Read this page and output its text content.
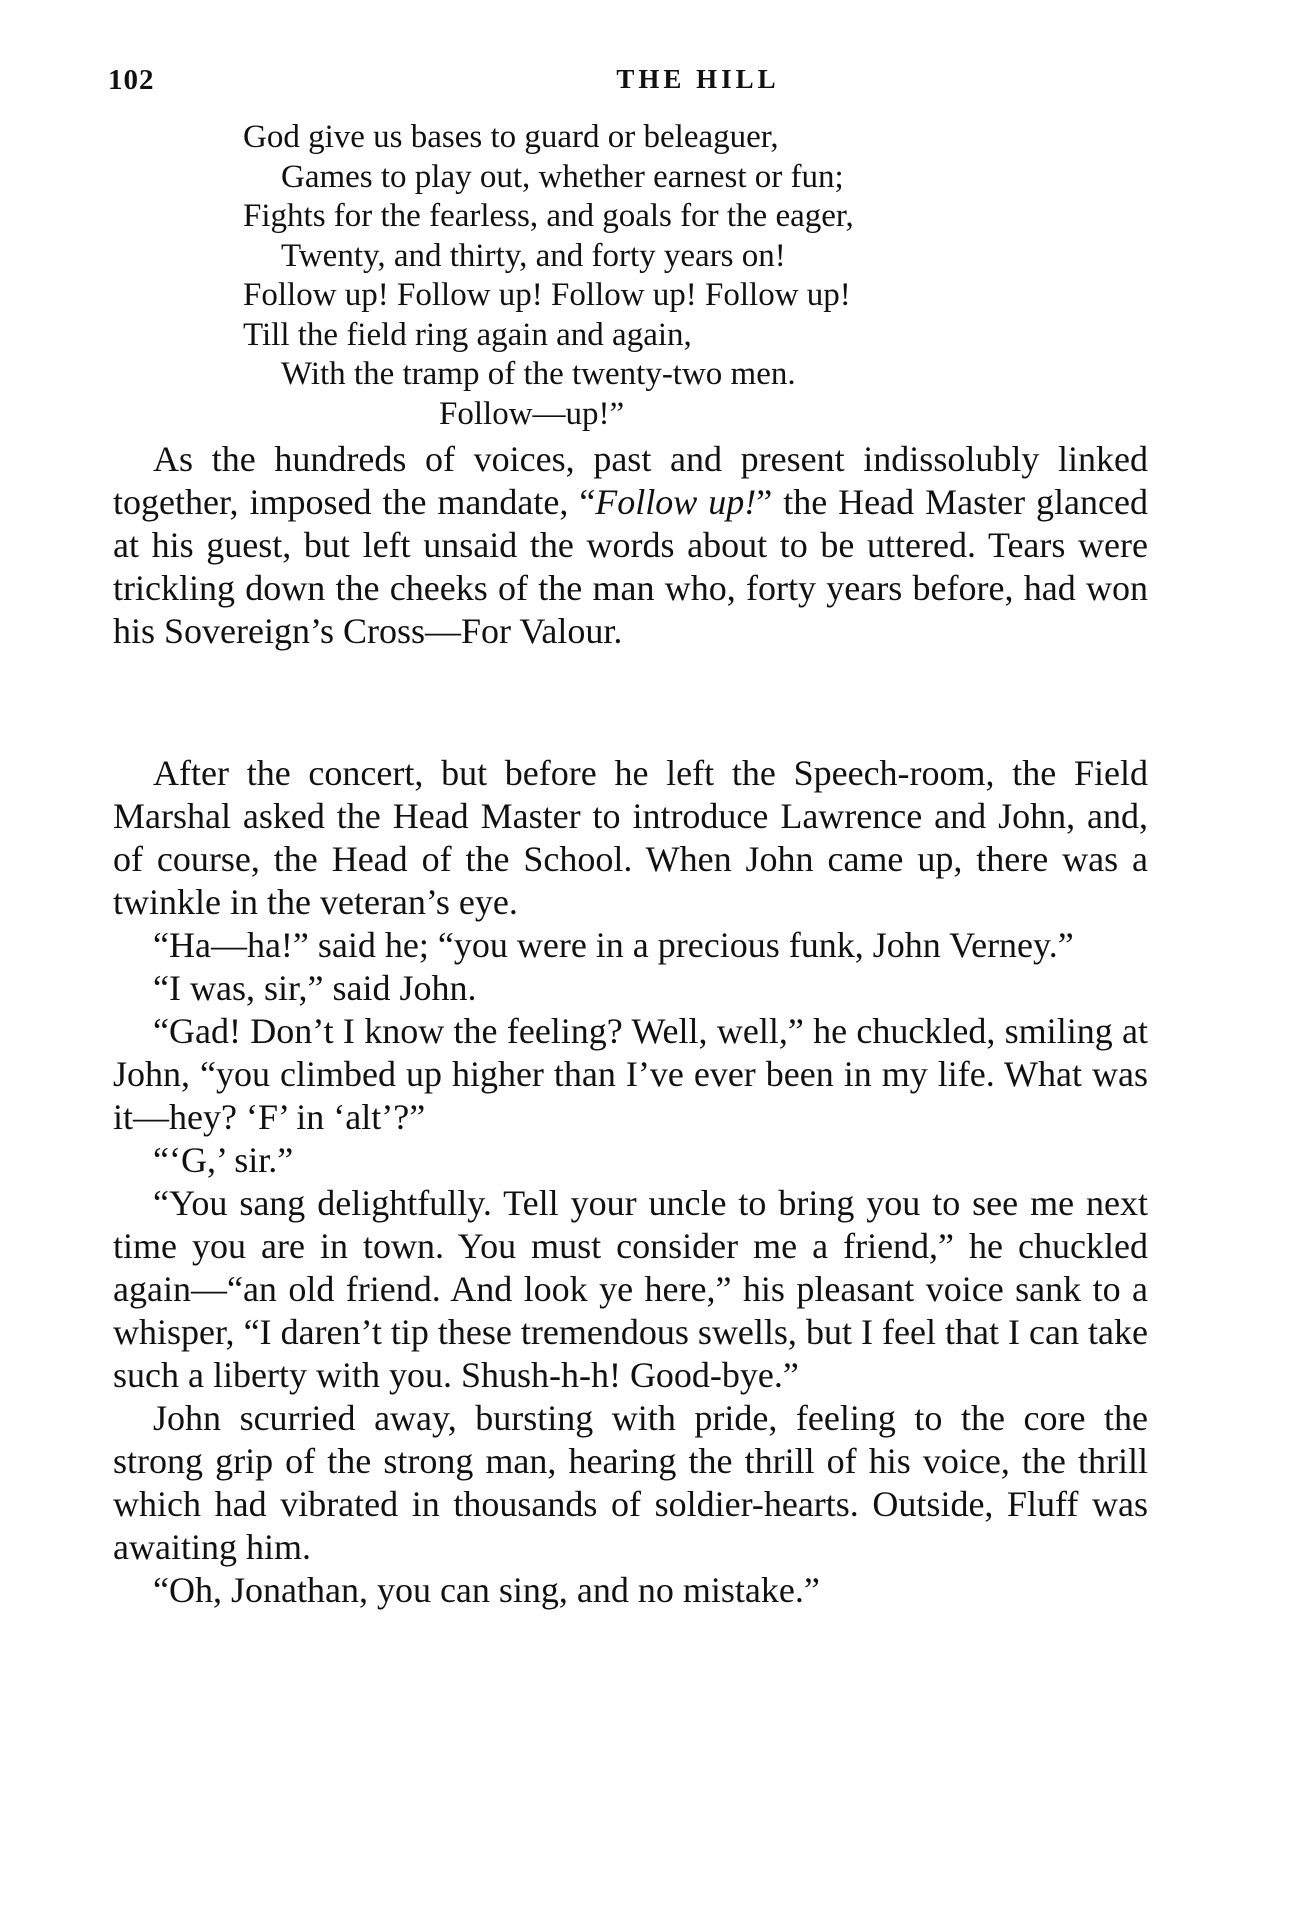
102	THE HILL
God give us bases to guard or beleaguer,
Games to play out, whether earnest or fun;
Fights for the fearless, and goals for the eager,
Twenty, and thirty, and forty years on!
Follow up! Follow up! Follow up! Follow up!
Till the field ring again and again,
With the tramp of the twenty-two men.
Follow—up!”

As the hundreds of voices, past and present indissolubly linked together, imposed the mandate, “Follow up!” the Head Master glanced at his guest, but left unsaid the words about to be uttered. Tears were trickling down the cheeks of the man who, forty years before, had won his Sovereign’s Cross—For Valour.

After the concert, but before he left the Speech-room, the Field Marshal asked the Head Master to introduce Lawrence and John, and, of course, the Head of the School. When John came up, there was a twinkle in the veteran’s eye.

“Ha—ha!” said he; “you were in a precious funk, John Verney.”

“I was, sir,” said John.

“Gad! Don’t I know the feeling? Well, well,” he chuckled, smiling at John, “you climbed up higher than I’ve ever been in my life. What was it—hey? ‘F’ in ‘alt’?”

“‘G,’ sir.”

“You sang delightfully. Tell your uncle to bring you to see me next time you are in town. You must consider me a friend,” he chuckled again—“an old friend. And look ye here,” his pleasant voice sank to a whisper, “I daren’t tip these tremendous swells, but I feel that I can take such a liberty with you. Shush-h-h! Good-bye.”

John scurried away, bursting with pride, feeling to the core the strong grip of the strong man, hearing the thrill of his voice, the thrill which had vibrated in thousands of soldier-hearts. Outside, Fluff was awaiting him.

“Oh, Jonathan, you can sing, and no mistake.”
